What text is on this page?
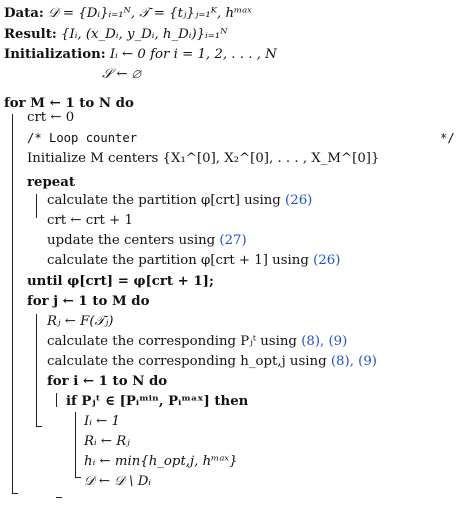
Data: 𝒟 = {Dᵢ}ᵢ₌₁ᴺ, 𝒯 = {tⱼ}ⱼ₌₁ᴷ, hᵐᵃˣ
Result: {Iᵢ, (x_Dᵢ, y_Dᵢ, h_Dᵢ)}ᵢ₌₁ᴺ
Initialization: Iᵢ ← 0 for i = 1, 2, . . . , N
𝒮 ← ∅
for M ← 1 to N do
crt ← 0
/* Loop counter	*/
Initialize M centers {X₁^[0], X₂^[0], . . . , X_M^[0]}
repeat
calculate the partition φ[crt] using (26)
crt ← crt + 1
update the centers using (27)
calculate the partition φ[crt + 1] using (26)
until φ[crt] = φ[crt + 1];
for j ← 1 to M do
Rⱼ ← F(𝒯ⱼ)
calculate the corresponding Pⱼᵗ using (8), (9)
calculate the corresponding h_opt,j using (8), (9)
for i ← 1 to N do
if Pⱼᵗ ∈ [Pᵢᵐⁱⁿ, Pᵢᵐᵃˣ] then
Iᵢ ← 1
Rᵢ ← Rⱼ
hᵢ ← min{h_opt,j, hᵐᵃˣ}
𝒟 ← 𝒟 \ Dᵢ
